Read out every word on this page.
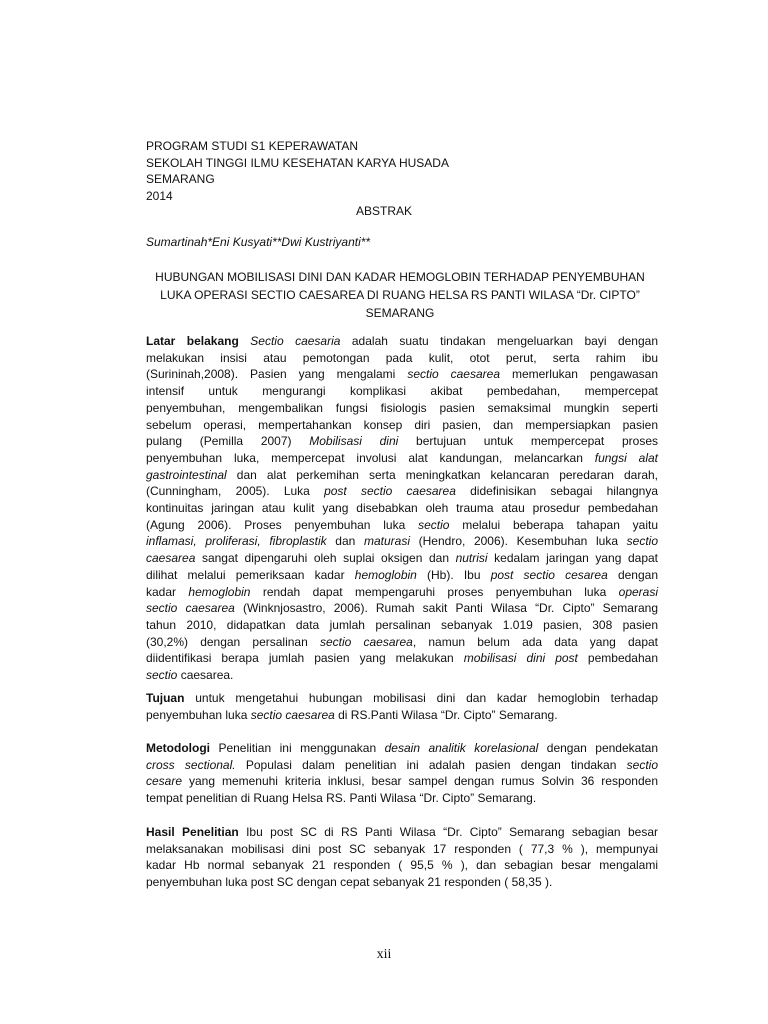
PROGRAM STUDI S1 KEPERAWATAN
SEKOLAH TINGGI ILMU KESEHATAN KARYA HUSADA
SEMARANG
2014
ABSTRAK
Sumartinah*Eni Kusyati**Dwi Kustriyanti**
HUBUNGAN MOBILISASI DINI DAN KADAR HEMOGLOBIN TERHADAP PENYEMBUHAN
LUKA OPERASI SECTIO CAESAREA DI RUANG HELSA RS PANTI WILASA “Dr. CIPTO”
SEMARANG
Latar belakang Sectio caesaria adalah suatu tindakan mengeluarkan bayi dengan
melakukan insisi atau pemotongan pada kulit, otot perut, serta rahim ibu
(Surininah,2008). Pasien yang mengalami sectio caesarea memerlukan pengawasan
intensif untuk mengurangi komplikasi akibat pembedahan, mempercepat
penyembuhan, mengembalikan fungsi fisiologis pasien semaksimal mungkin seperti
sebelum operasi, mempertahankan konsep diri pasien, dan mempersiapkan pasien
pulang (Pemilla 2007) Mobilisasi dini bertujuan untuk mempercepat proses
penyembuhan luka, mempercepat involusi alat kandungan, melancarkan fungsi alat
gastrointestinal dan alat perkemihan serta meningkatkan kelancaran peredaran darah,
(Cunningham, 2005). Luka post sectio caesarea didefinisikan sebagai hilangnya
kontinuitas jaringan atau kulit yang disebabkan oleh trauma atau prosedur pembedahan
(Agung 2006). Proses penyembuhan luka sectio melalui beberapa tahapan yaitu
inflamasi, proliferasi, fibroplastik dan maturasi (Hendro, 2006). Kesembuhan luka sectio
caesarea sangat dipengaruhi oleh suplai oksigen dan nutrisi kedalam jaringan yang dapat
dilihat melalui pemeriksaan kadar hemoglobin (Hb). Ibu post sectio cesarea dengan
kadar hemoglobin rendah dapat mempengaruhi proses penyembuhan luka operasi
sectio caesarea (Winknjosastro, 2006). Rumah sakit Panti Wilasa “Dr. Cipto” Semarang
tahun 2010, didapatkan data jumlah persalinan sebanyak 1.019 pasien, 308 pasien
(30,2%) dengan persalinan sectio caesarea, namun belum ada data yang dapat
diidentifikasi berapa jumlah pasien yang melakukan mobilisasi dini post pembedahan
sectio caesarea.
Tujuan untuk mengetahui hubungan mobilisasi dini dan kadar hemoglobin terhadap
penyembuhan luka sectio caesarea di RS.Panti Wilasa “Dr. Cipto” Semarang.
Metodologi Penelitian ini menggunakan desain analitik korelasional dengan pendekatan
cross sectional. Populasi dalam penelitian ini adalah pasien dengan tindakan sectio
cesare yang memenuhi kriteria inklusi, besar sampel dengan rumus Solvin 36 responden
tempat penelitian di Ruang Helsa RS. Panti Wilasa “Dr. Cipto” Semarang.
Hasil Penelitian Ibu post SC di RS Panti Wilasa “Dr. Cipto” Semarang sebagian besar
melaksanakan mobilisasi dini post SC sebanyak 17 responden ( 77,3 % ), mempunyai
kadar Hb normal sebanyak 21 responden ( 95,5 % ), dan sebagian besar mengalami
penyembuhan luka post SC dengan cepat sebanyak 21 responden ( 58,35 ).
xii
